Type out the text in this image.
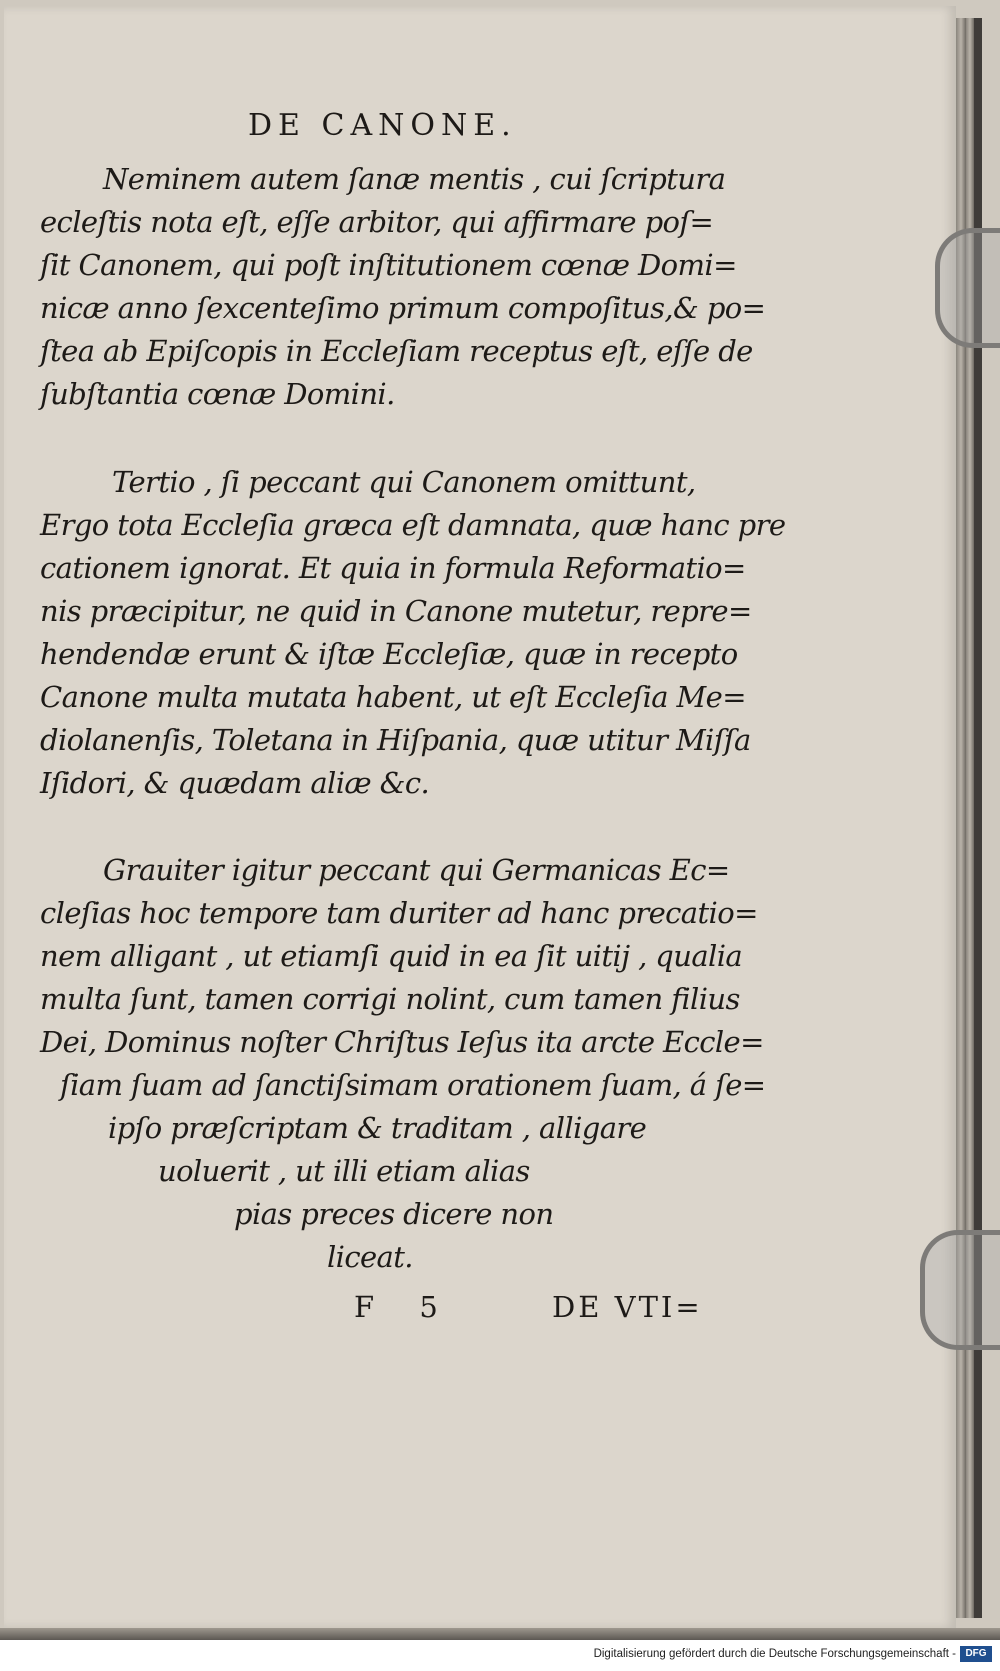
DE CANONE.
Neminem autem ſanæ mentis , cui ſcriptura
ecleſtis nota eſt, eſſe arbitor, qui affirmare poſ=
ſit Canonem, qui poſt inſtitutionem cœnæ Domi=
nicæ anno ſexcenteſimo primum compoſitus,& po=
ſtea ab Epiſcopis in Eccleſiam receptus eſt, eſſe de
ſubſtantia cœnæ Domini.
Tertio , ſi peccant qui Canonem omittunt,
Ergo tota Eccleſia græca eſt damnata, quæ hanc pre
cationem ignorat. Et quia in formula Reformatio=
nis præcipitur, ne quid in Canone mutetur, repre=
hendendæ erunt & iſtæ Eccleſiæ, quæ in recepto
Canone multa mutata habent, ut eſt Eccleſia Me=
diolanenſis, Toletana in Hiſpania, quæ utitur Miſſa
Iſidori, & quædam aliæ &c.
Grauiter igitur peccant qui Germanicas Ec=
cleſias hoc tempore tam duriter ad hanc precatio=
nem alligant , ut etiamſi quid in ea ſit uitij , qualia
multa ſunt, tamen corrigi nolint, cum tamen filius
Dei, Dominus noſter Chriſtus Ieſus ita arcte Eccle=
ſiam ſuam ad ſanctiſsimam orationem ſuam, á ſe=
ipſo præſcriptam & traditam , alligare
uoluerit , ut illi etiam alias
pias preces dicere non
liceat.
F 5	DE VTI=
Digitalisierung gefördert durch die Deutsche Forschungsgemeinschaft - DFG
